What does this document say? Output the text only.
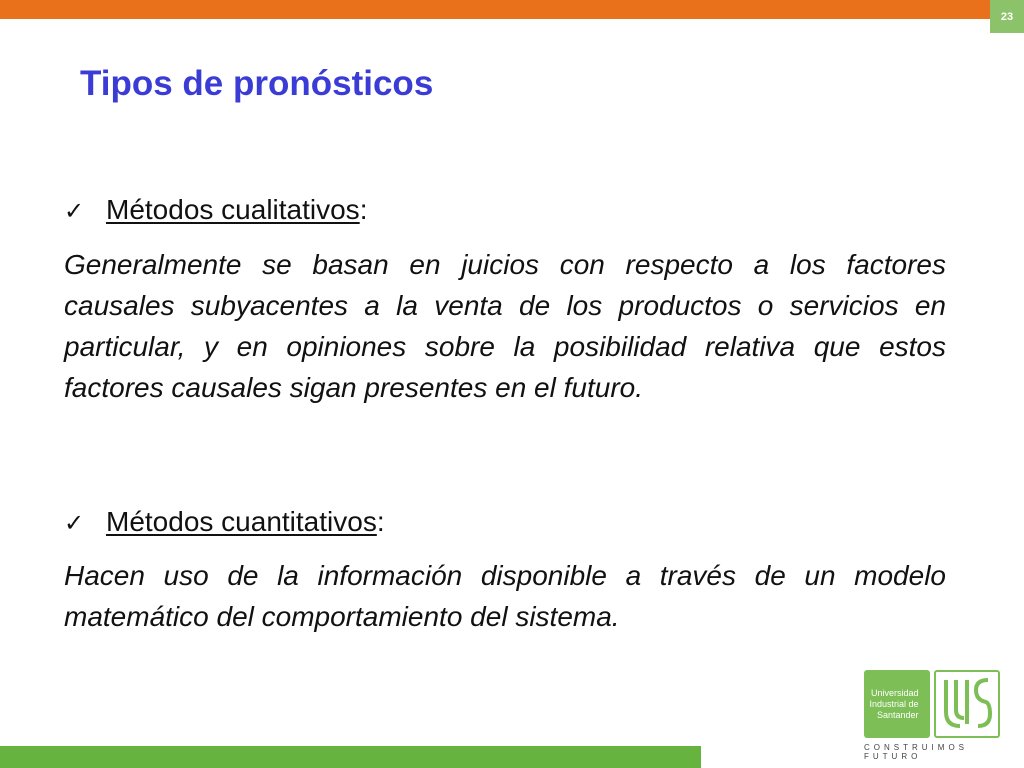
23
Tipos de pronósticos
✓ Métodos cualitativos:

Generalmente se basan en juicios con respecto a los factores causales subyacentes a la venta de los productos o servicios en particular, y en opiniones sobre la posibilidad relativa que estos factores causales sigan presentes en el futuro.

✓ Métodos cuantitativos:

Hacen uso de la información disponible a través de un modelo matemático del comportamiento del sistema.

Universidad
Industrial de
Santander
CONSTRUIMOS FUTURO
